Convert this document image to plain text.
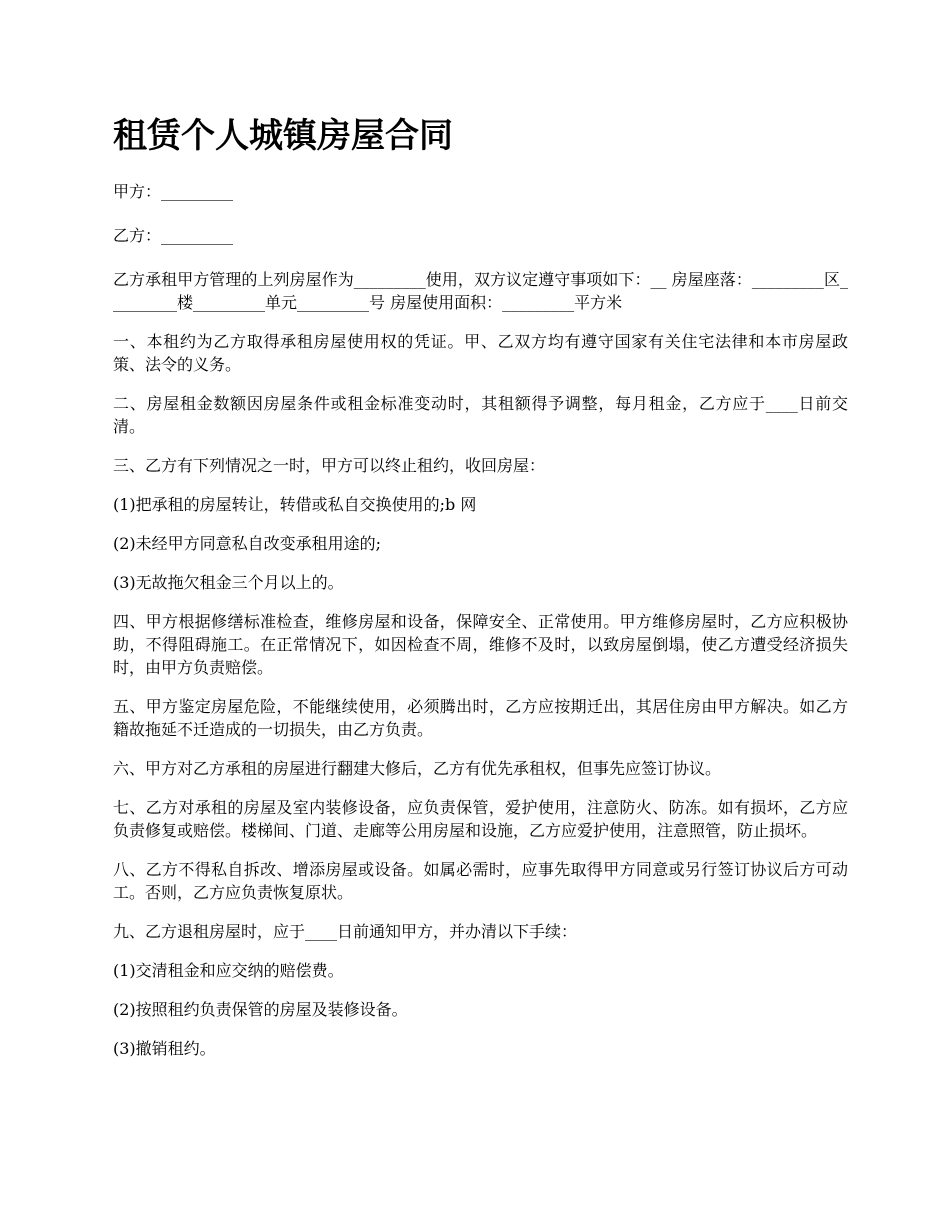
租赁个人城镇房屋合同

甲方：_________

乙方：_________

乙方承租甲方管理的上列房屋作为_________使用，双方议定遵守事项如下：__ 房屋座落：_________区_________楼_________单元_________号 房屋使用面积：_________平方米

一、本租约为乙方取得承租房屋使用权的凭证。甲、乙双方均有遵守国家有关住宅法律和本市房屋政策、法令的义务。

二、房屋租金数额因房屋条件或租金标准变动时，其租额得予调整，每月租金，乙方应于____日前交清。

三、乙方有下列情况之一时，甲方可以终止租约，收回房屋：

(1)把承租的房屋转让，转借或私自交换使用的;b 网

(2)未经甲方同意私自改变承租用途的;

(3)无故拖欠租金三个月以上的。

四、甲方根据修缮标准检查，维修房屋和设备，保障安全、正常使用。甲方维修房屋时，乙方应积极协助，不得阻碍施工。在正常情况下，如因检查不周，维修不及时，以致房屋倒塌，使乙方遭受经济损失时，由甲方负责赔偿。

五、甲方鉴定房屋危险，不能继续使用，必须腾出时，乙方应按期迁出，其居住房由甲方解决。如乙方籍故拖延不迁造成的一切损失，由乙方负责。

六、甲方对乙方承租的房屋进行翻建大修后，乙方有优先承租权，但事先应签订协议。

七、乙方对承租的房屋及室内装修设备，应负责保管，爱护使用，注意防火、防冻。如有损坏，乙方应负责修复或赔偿。楼梯间、门道、走廊等公用房屋和设施，乙方应爱护使用，注意照管，防止损坏。

八、乙方不得私自拆改、增添房屋或设备。如属必需时，应事先取得甲方同意或另行签订协议后方可动工。否则，乙方应负责恢复原状。

九、乙方退租房屋时，应于____日前通知甲方，并办清以下手续：

(1)交清租金和应交纳的赔偿费。

(2)按照租约负责保管的房屋及装修设备。

(3)撤销租约。
